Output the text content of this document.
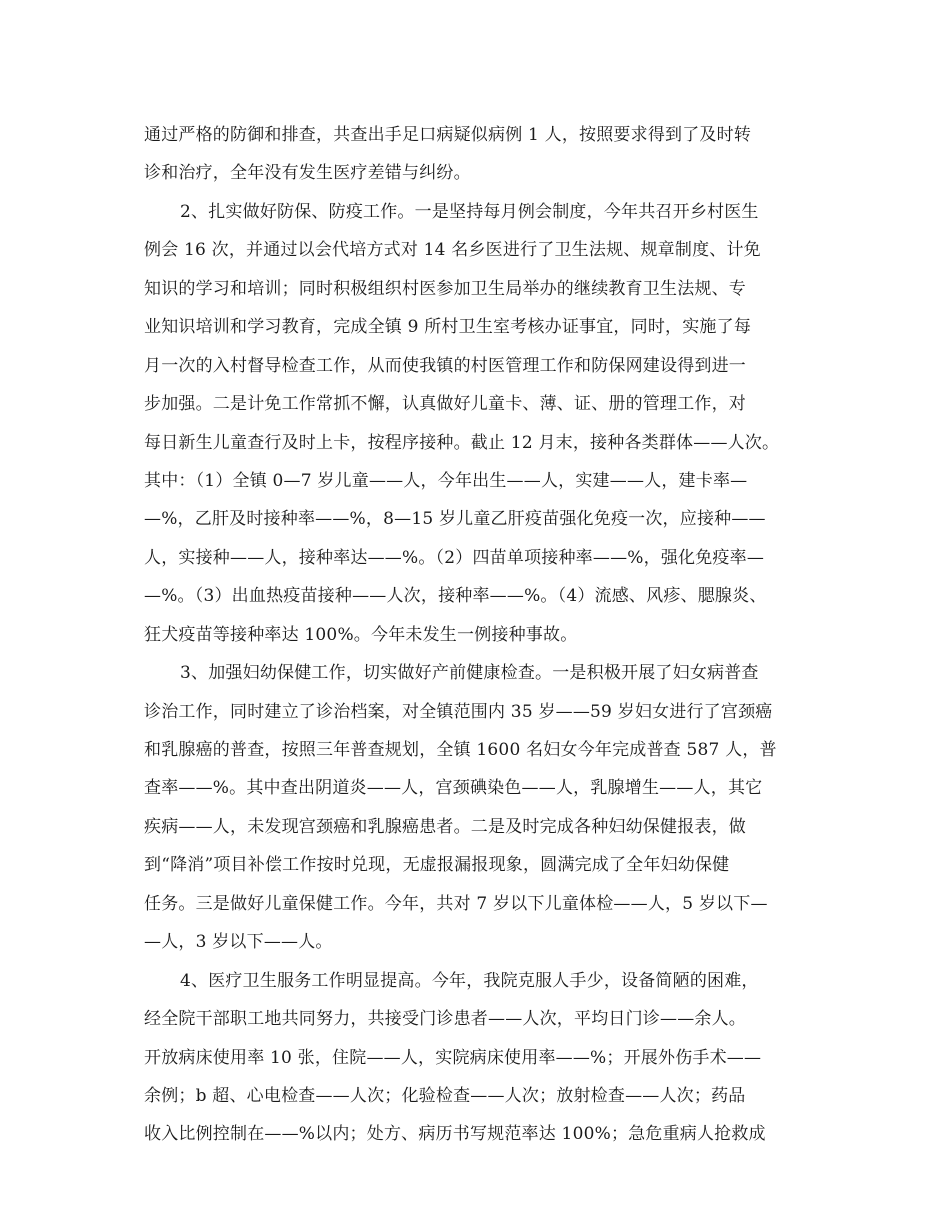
通过严格的防御和排查，共查出手足口病疑似病例 1 人，按照要求得到了及时转
诊和治疗，全年没有发生医疗差错与纠纷。
2、扎实做好防保、防疫工作。一是坚持每月例会制度，今年共召开乡村医生
例会 16 次，并通过以会代培方式对 14 名乡医进行了卫生法规、规章制度、计免
知识的学习和培训；同时积极组织村医参加卫生局举办的继续教育卫生法规、专
业知识培训和学习教育，完成全镇 9 所村卫生室考核办证事宜，同时，实施了每
月一次的入村督导检查工作，从而使我镇的村医管理工作和防保网建设得到进一
步加强。二是计免工作常抓不懈，认真做好儿童卡、薄、证、册的管理工作，对
每日新生儿童查行及时上卡，按程序接种。截止 12 月末，接种各类群体——人次。
其中：（1）全镇 0—7 岁儿童——人，今年出生——人，实建——人，建卡率—
—%，乙肝及时接种率——%，8—15 岁儿童乙肝疫苗强化免疫一次，应接种——
人，实接种——人，接种率达——%。（2）四苗单项接种率——%，强化免疫率—
—%。（3）出血热疫苗接种——人次，接种率——%。（4）流感、风疹、腮腺炎、
狂犬疫苗等接种率达 100%。今年未发生一例接种事故。
3、加强妇幼保健工作，切实做好产前健康检查。一是积极开展了妇女病普查
诊治工作，同时建立了诊治档案，对全镇范围内 35 岁——59 岁妇女进行了宫颈癌
和乳腺癌的普查，按照三年普查规划，全镇 1600 名妇女今年完成普查 587 人，普
查率——%。其中查出阴道炎——人，宫颈碘染色——人，乳腺增生——人，其它
疾病——人，未发现宫颈癌和乳腺癌患者。二是及时完成各种妇幼保健报表，做
到“降消”项目补偿工作按时兑现，无虚报漏报现象，圆满完成了全年妇幼保健
任务。三是做好儿童保健工作。今年，共对 7 岁以下儿童体检——人，5 岁以下—
—人，3 岁以下——人。
4、医疗卫生服务工作明显提高。今年，我院克服人手少，设备简陋的困难，
经全院干部职工地共同努力，共接受门诊患者——人次，平均日门诊——余人。
开放病床使用率 10 张，住院——人，实院病床使用率——%；开展外伤手术——
余例；b 超、心电检查——人次；化验检查——人次；放射检查——人次；药品
收入比例控制在——%以内；处方、病历书写规范率达 100%；急危重病人抢救成
